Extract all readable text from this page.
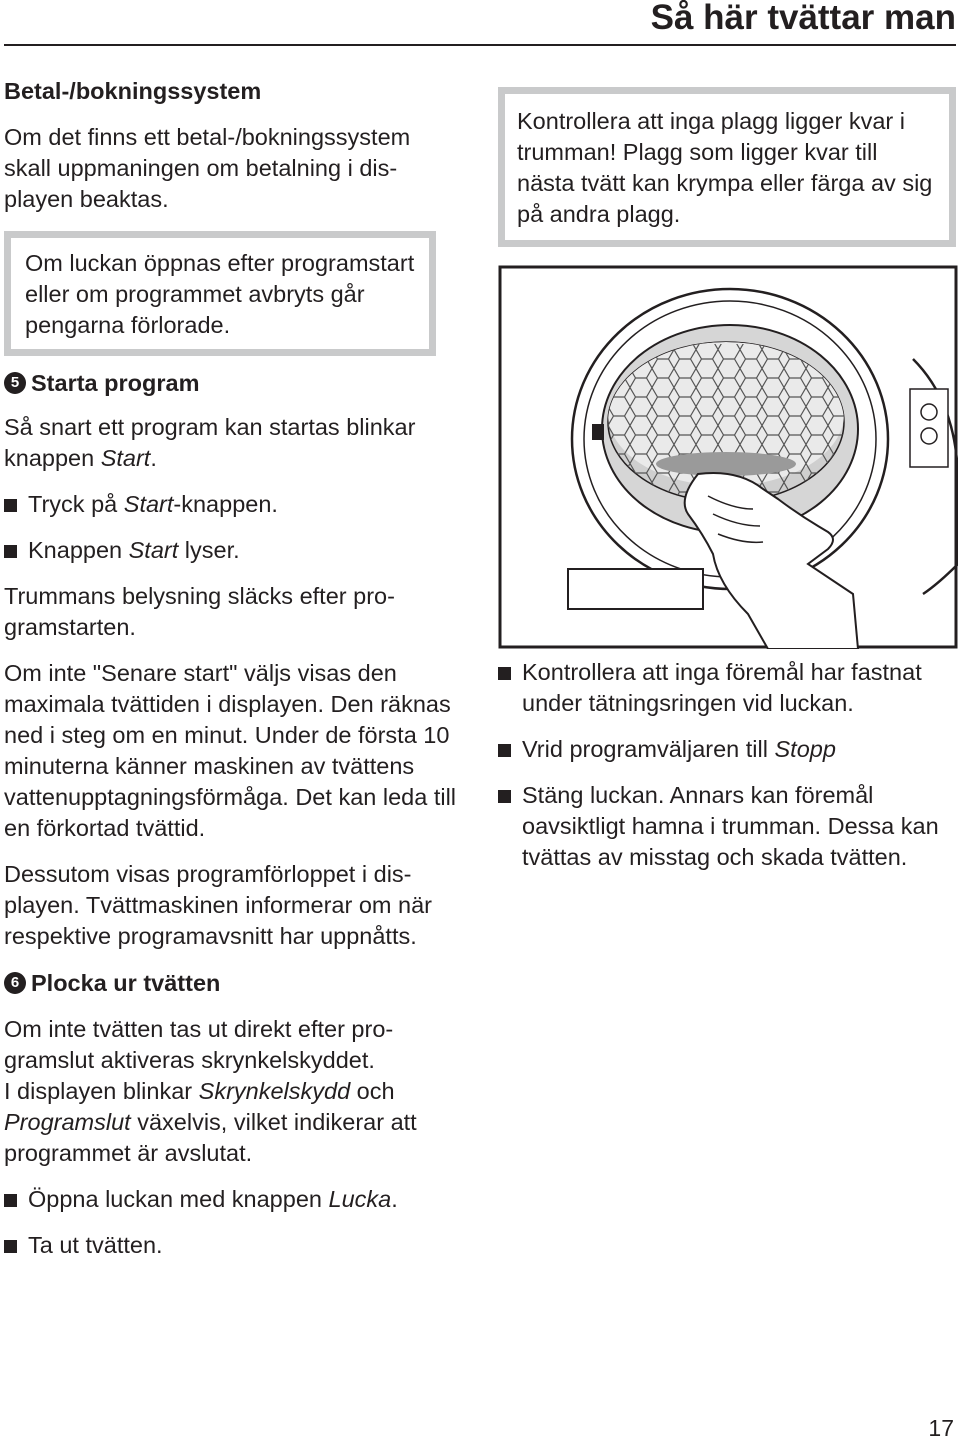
Så här tvättar man
Betal-/bokningssystem

Om det finns ett betal-/bokningssystem skall uppmaningen om betalning i displayen beaktas.

Om luckan öppnas efter programstart eller om programmet avbryts går pengarna förlorade.

5 Starta program

Så snart ett program kan startas blinkar knappen Start.

Tryck på Start-knappen.
Knappen Start lyser.

Trummans belysning släcks efter programstarten.

Om inte "Senare start" väljs visas den maximala tvättiden i displayen. Den räknas ned i steg om en minut. Under de första 10 minuterna känner maskinen av tvättens vattenupptagningsförmåga. Det kan leda till en förkortad tvättid.

Dessutom visas programförloppet i displayen. Tvättmaskinen informerar om när respektive programavsnitt har uppnåtts.

6 Plocka ur tvätten

Om inte tvätten tas ut direkt efter programslut aktiveras skrynkelskyddet.

I displayen blinkar Skrynkelskydd och Programslut växelvis, vilket indikerar att programmet är avslutat.

Öppna luckan med knappen Lucka.
Ta ut tvätten.

Kontrollera att inga plagg ligger kvar i trumman! Plagg som ligger kvar till nästa tvätt kan krympa eller färga av sig på andra plagg.

Kontrollera att inga föremål har fastnat under tätningsringen vid luckan.
Vrid programväljaren till Stopp
Stäng luckan. Annars kan föremål oavsiktligt hamna i trumman. Dessa kan tvättas av misstag och skada tvätten.

17
